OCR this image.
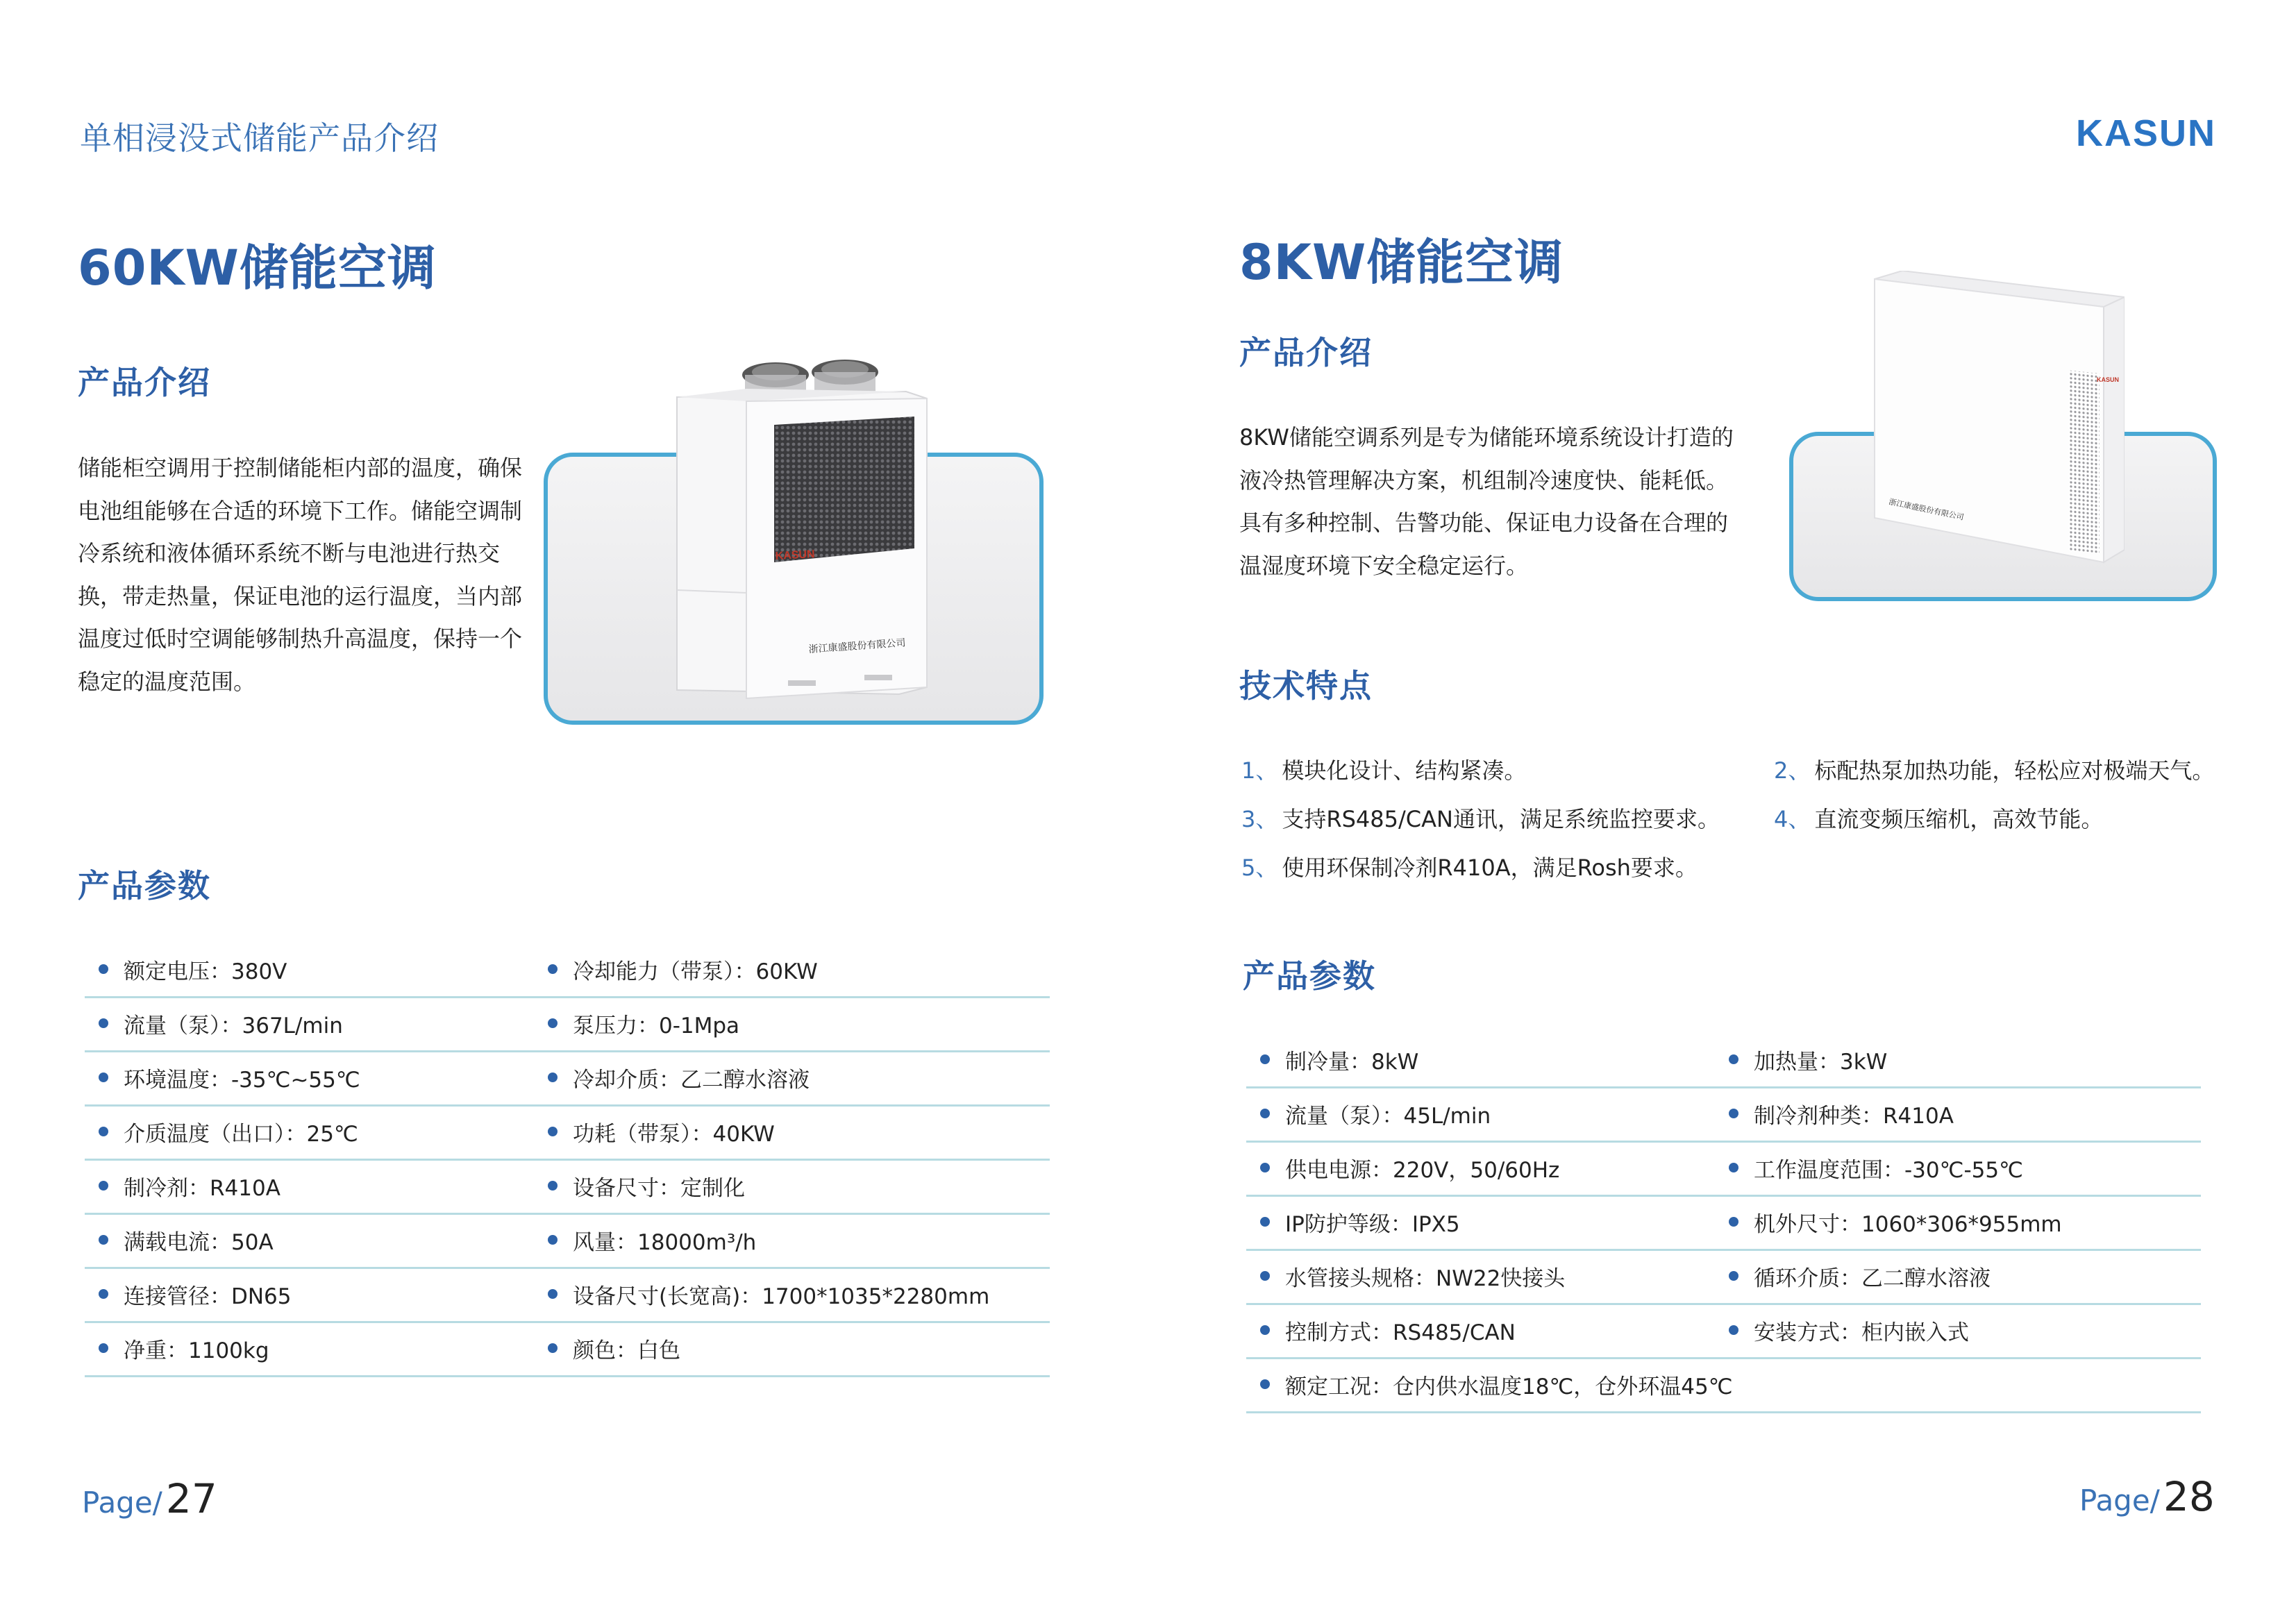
单相浸没式储能产品介绍	KASUN
60KW储能空调
产品介绍
储能柜空调用于控制储能柜内部的温度，确保
电池组能够在合适的环境下工作。储能空调制
冷系统和液体循环系统不断与电池进行热交
换，带走热量，保证电池的运行温度，当内部
温度过低时空调能够制热升高温度，保持一个
稳定的温度范围。
KASUN
浙江康盛股份有限公司
产品参数
额定电压：380V	冷却能力（带泵）：60KW
流量（泵）：367L/min	泵压力：0-1Mpa
环境温度：-35℃~55℃	冷却介质：乙二醇水溶液
介质温度（出口）：25℃	功耗（带泵）：40KW
制冷剂：R410A	设备尺寸：定制化
满载电流：50A	风量：18000m³/h
连接管径：DN65	设备尺寸(长宽高)：1700*1035*2280mm
净重：1100kg	颜色：白色
Page/ 27
8KW储能空调
产品介绍
8KW储能空调系列是专为储能环境系统设计打造的
液冷热管理解决方案，机组制冷速度快、能耗低。
具有多种控制、告警功能、保证电力设备在合理的
温湿度环境下安全稳定运行。
浙江康盛股份有限公司
KASUN
技术特点
1、 模块化设计、结构紧凑。	2、 标配热泵加热功能，轻松应对极端天气。
3、 支持RS485/CAN通讯，满足系统监控要求。 4、 直流变频压缩机，高效节能。
5、 使用环保制冷剂R410A，满足Rosh要求。
产品参数
制冷量：8kW	加热量：3kW
流量（泵）：45L/min	制冷剂种类：R410A
供电电源：220V，50/60Hz	工作温度范围：-30℃-55℃
IP防护等级：IPX5	机外尺寸：1060*306*955mm
水管接头规格：NW22快接头	循环介质：乙二醇水溶液
控制方式：RS485/CAN	安装方式：柜内嵌入式
额定工况：仓内供水温度18℃，仓外环温45℃
Page/ 28
